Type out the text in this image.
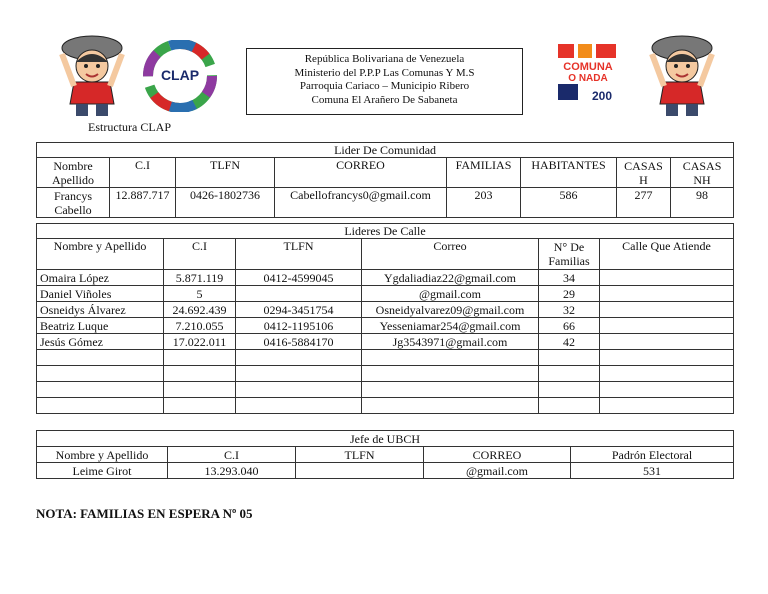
CLAP
República Bolivariana de Venezuela
Ministerio del P.P.P Las Comunas Y M.S
Parroquia Cariaco – Municipio Ribero
Comuna El Arañero De Sabaneta
COMUNA
O NADA
200
Estructura CLAP
Lider De Comunidad							
Nombre Apellido	C.I	TLFN	CORREO	FAMILIAS	HABITANTES	CASAS H	CASAS NH
Francys Cabello	12.887.717	0426-1802736	Cabellofrancys0@gmail.com	203	586	277	98
Lideres De Calle					
Nombre y Apellido	C.I	TLFN	Correo	N° De Familias	Calle Que Atiende
Omaira López	5.871.119	0412-4599045	Ygdaliadiaz22@gmail.com	34	
Daniel Viñoles	5		@gmail.com	29	
Osneidys Álvarez	24.692.439	0294-3451754	Osneidyalvarez09@gmail.com	32	
Beatriz Luque	7.210.055	0412-1195106	Yesseniamar254@gmail.com	66	
Jesús Gómez	17.022.011	0416-5884170	Jg3543971@gmail.com	42	

Jefe de UBCH				
Nombre y Apellido	C.I	TLFN	CORREO	Padrón Electoral
Leime Girot	13.293.040		@gmail.com	531
NOTA: FAMILIAS EN ESPERA Nº 05
